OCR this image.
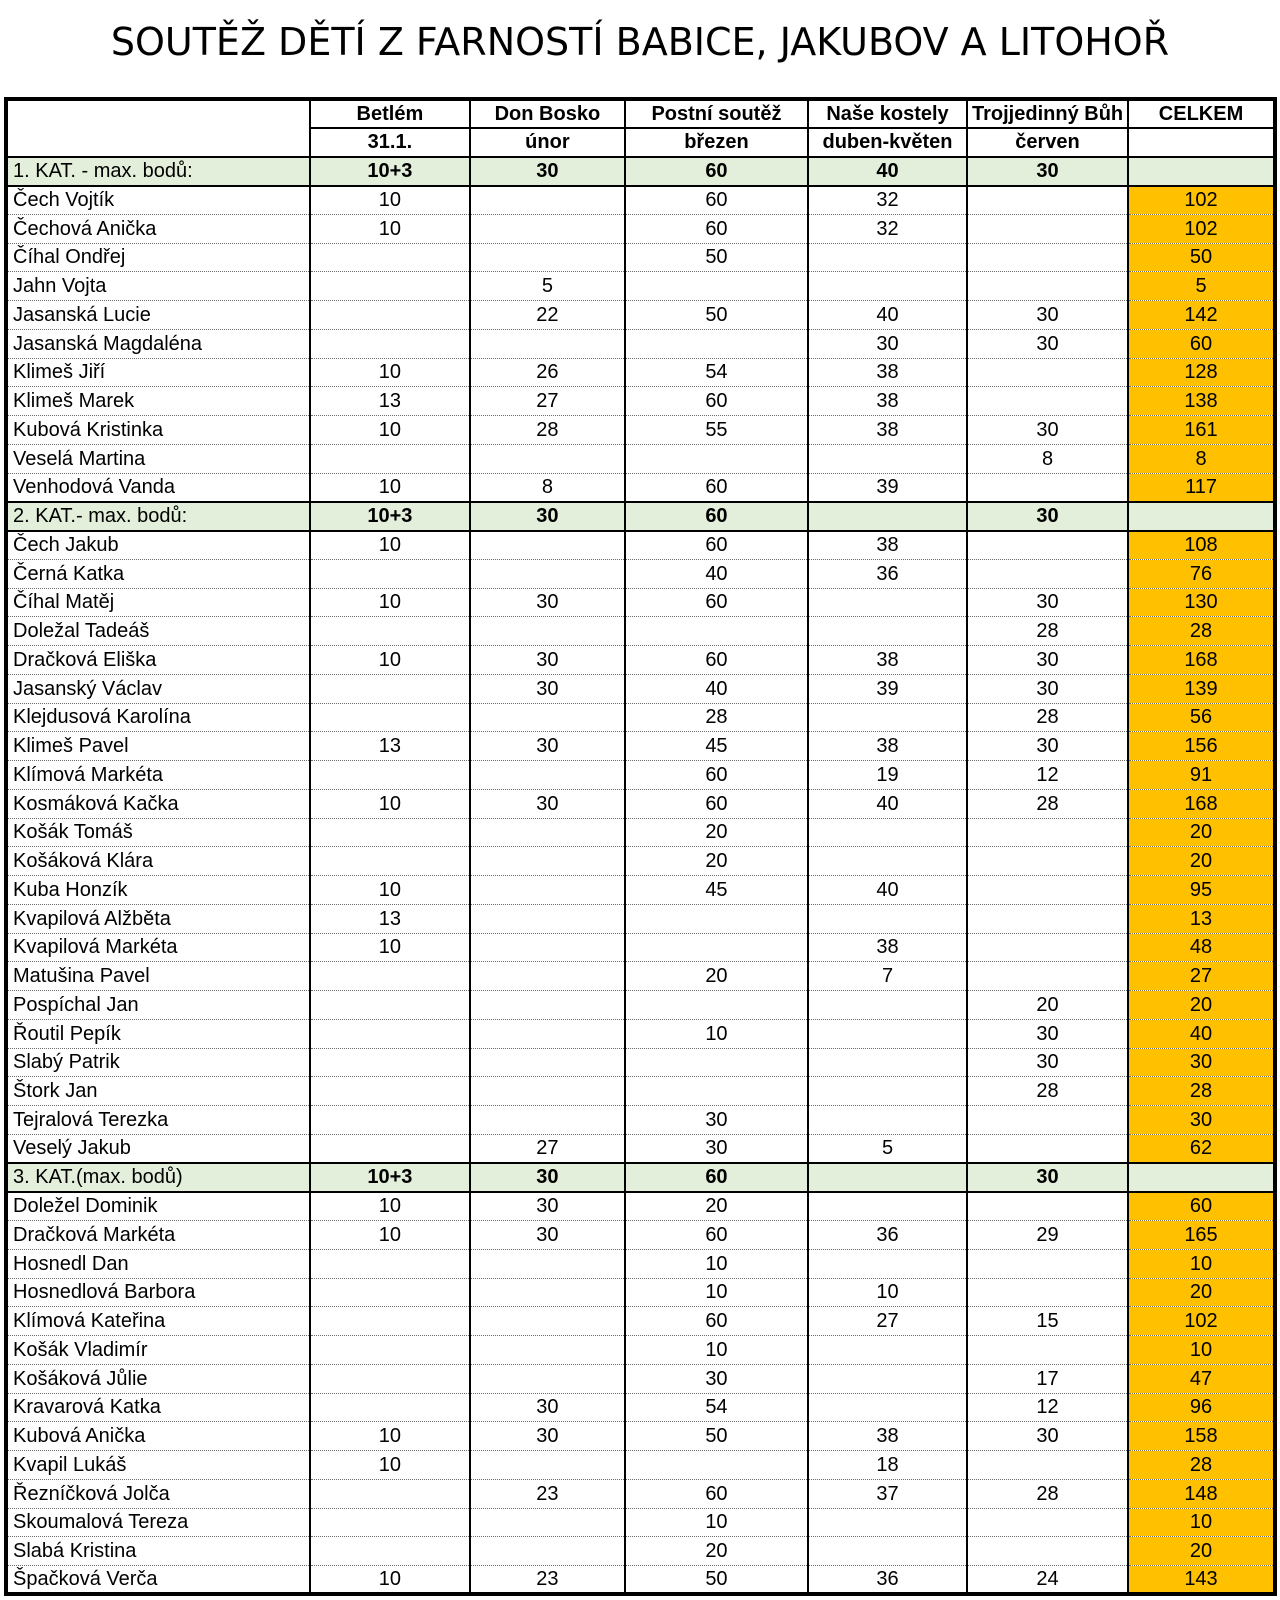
SOUTĚŽ DĚTÍ Z FARNOSTÍ BABICE, JAKUBOV A LITOHOŘ
	Betlém	Don Bosko	Postní soutěž	Naše kostely	Trojjedinný Bůh	CELKEM
	31.1.	únor	březen	duben-květen	červen	
1. KAT. - max. bodů:	10+3	30	60	40	30	
Čech Vojtík	10		60	32		102
Čechová Anička	10		60	32		102
Číhal Ondřej			50			50
Jahn Vojta		5				5
Jasanská Lucie		22	50	40	30	142
Jasanská Magdaléna				30	30	60
Klimeš Jiří	10	26	54	38		128
Klimeš Marek	13	27	60	38		138
Kubová Kristinka	10	28	55	38	30	161
Veselá Martina					8	8
Venhodová Vanda	10	8	60	39		117
2. KAT.- max. bodů:	10+3	30	60		30	
Čech Jakub	10		60	38		108
Černá Katka			40	36		76
Číhal Matěj	10	30	60		30	130
Doležal Tadeáš					28	28
Dračková Eliška	10	30	60	38	30	168
Jasanský Václav		30	40	39	30	139
Klejdusová Karolína			28		28	56
Klimeš Pavel	13	30	45	38	30	156
Klímová Markéta			60	19	12	91
Kosmáková Kačka	10	30	60	40	28	168
Košák Tomáš			20			20
Košáková Klára			20			20
Kuba Honzík	10		45	40		95
Kvapilová Alžběta	13					13
Kvapilová Markéta	10			38		48
Matušina Pavel			20	7		27
Pospíchal Jan					20	20
Řoutil Pepík			10		30	40
Slabý Patrik					30	30
Štork Jan					28	28
Tejralová Terezka			30			30
Veselý Jakub		27	30	5		62
3. KAT.(max. bodů)	10+3	30	60		30	
Doležel Dominik	10	30	20			60
Dračková Markéta	10	30	60	36	29	165
Hosnedl Dan			10			10
Hosnedlová Barbora			10	10		20
Klímová Kateřina			60	27	15	102
Košák Vladimír			10			10
Košáková Jůlie			30		17	47
Kravarová Katka		30	54		12	96
Kubová Anička	10	30	50	38	30	158
Kvapil Lukáš	10			18		28
Řezníčková Jolča		23	60	37	28	148
Skoumalová Tereza			10			10
Slabá Kristina			20			20
Špačková Verča	10	23	50	36	24	143
